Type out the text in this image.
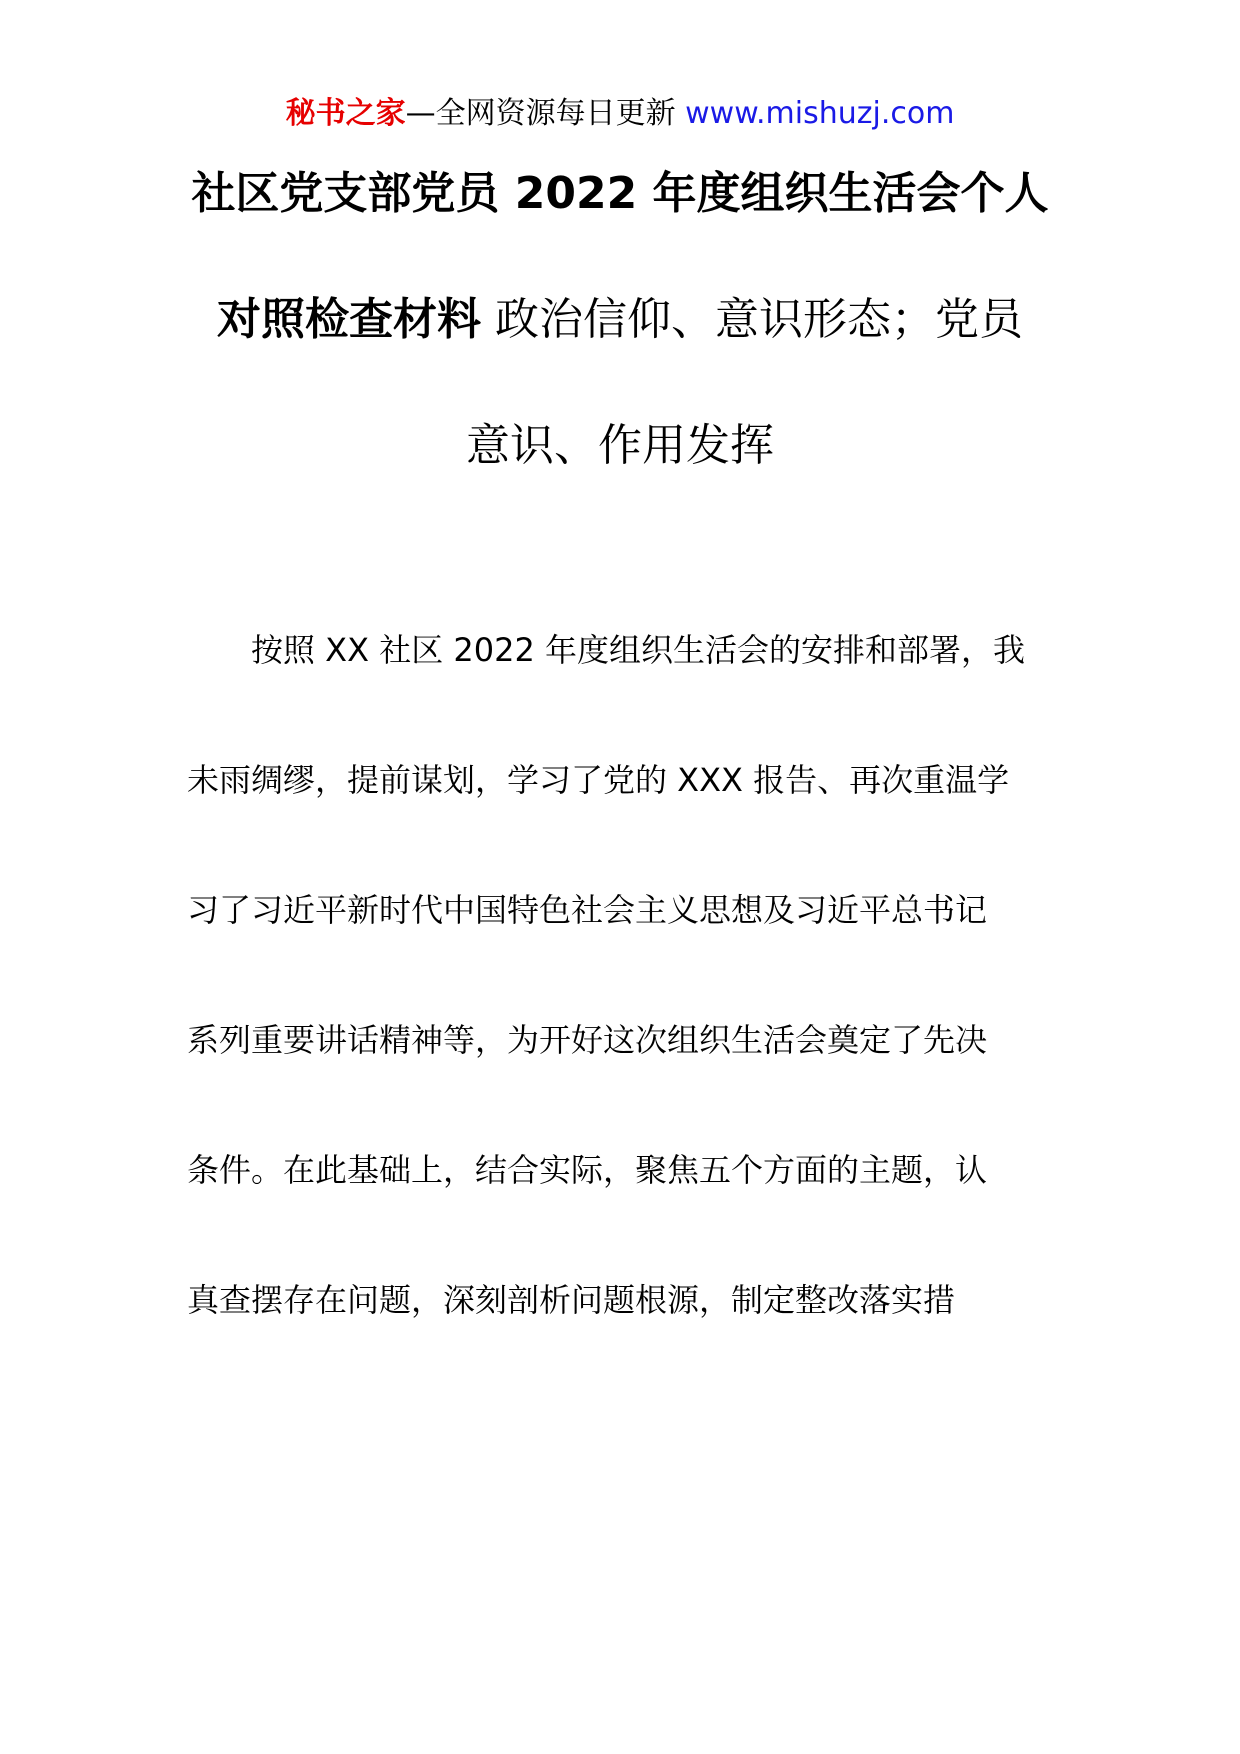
秘书之家—全网资源每日更新 www.mishuzj.com
社区党支部党员 2022 年度组织生活会个人
对照检查材料 政治信仰、意识形态；党员
意识、作用发挥
按照 XX 社区 2022 年度组织生活会的安排和部署，我
未雨绸缪，提前谋划，学习了党的 XXX 报告、再次重温学
习了习近平新时代中国特色社会主义思想及习近平总书记
系列重要讲话精神等，为开好这次组织生活会奠定了先决
条件。在此基础上，结合实际，聚焦五个方面的主题，认
真查摆存在问题，深刻剖析问题根源，制定整改落实措
